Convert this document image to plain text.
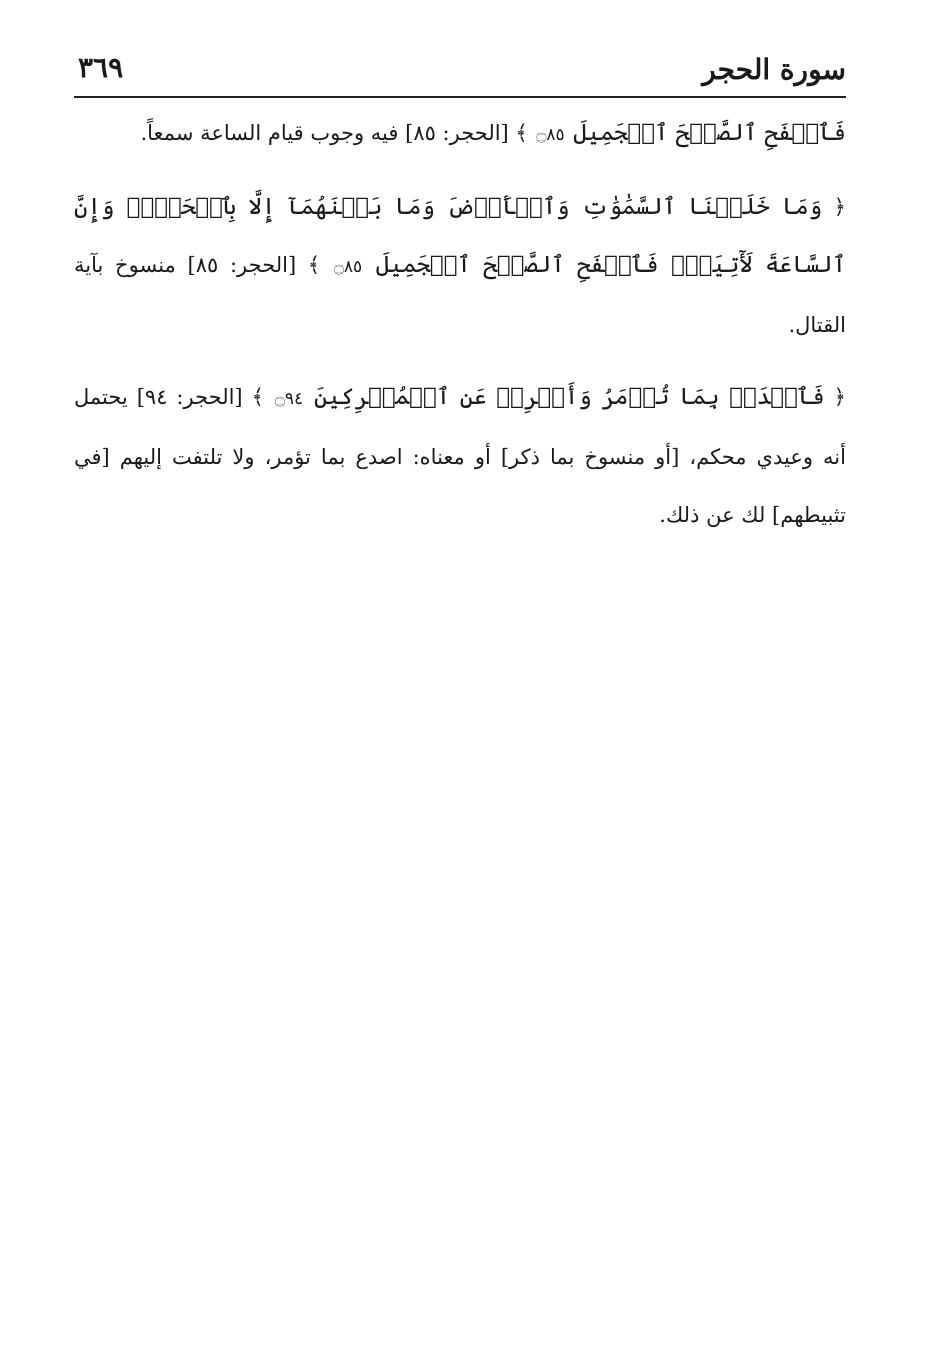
سورة الحجر
٣٦٩

فَٱصۡفَحِ ٱلصَّفۡحَ ٱلۡجَمِيلَ ۝٨٥ ﴾ [الحجر: ٨٥] فيه وجوب قيام الساعة سمعاً.

﴿ وَمَا خَلَقۡنَا ٱلسَّمَٰوَٰتِ وَٱلۡأَرۡضَ وَمَا بَيۡنَهُمَآ إِلَّا بِٱلۡحَقِّۗ وَإِنَّ ٱلسَّاعَةَ لَأٓتِيَةٞۖ فَٱصۡفَحِ ٱلصَّفۡحَ ٱلۡجَمِيلَ ۝٨٥ ﴾ [الحجر: ٨٥] منسوخ بآية القتال.

﴿ فَٱصۡدَعۡ بِمَا تُؤۡمَرُ وَأَعۡرِضۡ عَنِ ٱلۡمُشۡرِكِينَ ۝٩٤ ﴾ [الحجر: ٩٤] يحتمل أنه وعيدي محكم، [أو منسوخ بما ذكر] أو معناه: اصدع بما تؤمر، ولا تلتفت إليهم [في تثبيطهم] لك عن ذلك.
